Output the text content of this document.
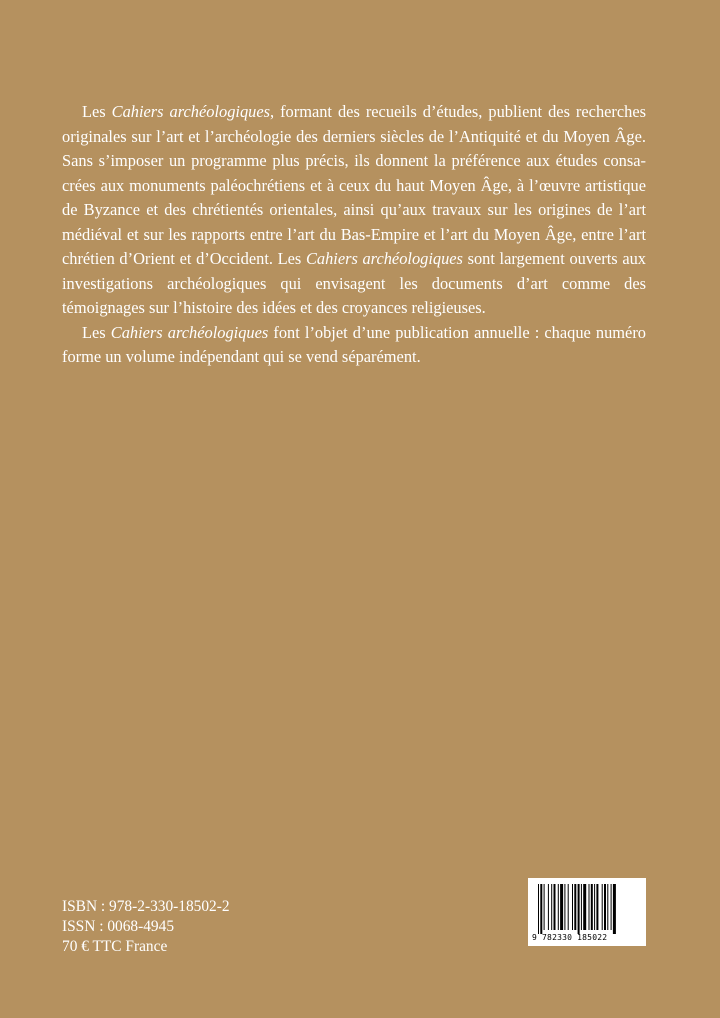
Les Cahiers archéologiques, formant des recueils d’études, publient des recherches originales sur l’art et l’archéologie des derniers siècles de l’Antiquité et du Moyen Âge. Sans s’imposer un programme plus précis, ils donnent la préférence aux études consacrées aux monuments paléochrétiens et à ceux du haut Moyen Âge, à l’œuvre artistique de Byzance et des chrétientés orientales, ainsi qu’aux travaux sur les origines de l’art médiéval et sur les rapports entre l’art du Bas-Empire et l’art du Moyen Âge, entre l’art chrétien d’Orient et d’Occident. Les Cahiers archéologiques sont largement ouverts aux investigations archéologiques qui envisagent les documents d’art comme des témoignages sur l’histoire des idées et des croyances religieuses.

Les Cahiers archéologiques font l’objet d’une publication annuelle : chaque numéro forme un volume indépendant qui se vend séparément.

ISBN : 978-2-330-18502-2
ISSN : 0068-4945
70 € TTC France
9 782330 185022
